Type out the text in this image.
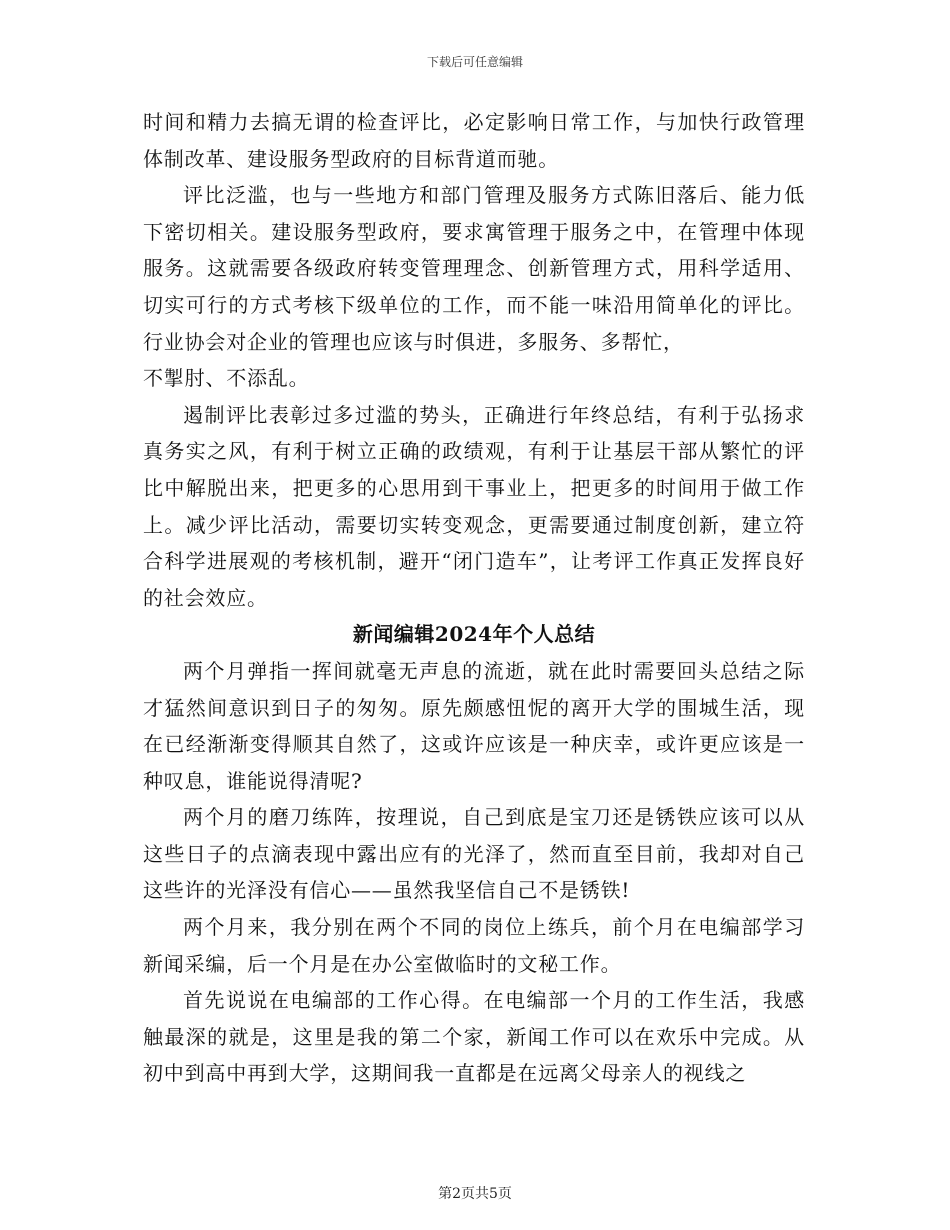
下载后可任意编辑

时间和精力去搞无谓的检查评比，必定影响日常工作，与加快行政管理体制改革、建设服务型政府的目标背道而驰。

评比泛滥，也与一些地方和部门管理及服务方式陈旧落后、能力低下密切相关。建设服务型政府，要求寓管理于服务之中，在管理中体现服务。这就需要各级政府转变管理理念、创新管理方式，用科学适用、切实可行的方式考核下级单位的工作，而不能一味沿用简单化的评比。行业协会对企业的管理也应该与时俱进，多服务、多帮忙，
不掣肘、不添乱。

遏制评比表彰过多过滥的势头，正确进行年终总结，有利于弘扬求真务实之风，有利于树立正确的政绩观，有利于让基层干部从繁忙的评比中解脱出来，把更多的心思用到干事业上，把更多的时间用于做工作上。减少评比活动，需要切实转变观念，更需要通过制度创新，建立符合科学进展观的考核机制，避开“闭门造车”，让考评工作真正发挥良好的社会效应。

新闻编辑2024年个人总结

两个月弹指一挥间就毫无声息的流逝，就在此时需要回头总结之际才猛然间意识到日子的匆匆。原先颇感忸怩的离开大学的围城生活，现在已经渐渐变得顺其自然了，这或许应该是一种庆幸，或许更应该是一种叹息，谁能说得清呢?

两个月的磨刀练阵，按理说，自己到底是宝刀还是锈铁应该可以从这些日子的点滴表现中露出应有的光泽了，然而直至目前，我却对自己这些许的光泽没有信心——虽然我坚信自己不是锈铁!

两个月来，我分别在两个不同的岗位上练兵，前个月在电编部学习新闻采编，后一个月是在办公室做临时的文秘工作。

首先说说在电编部的工作心得。在电编部一个月的工作生活，我感触最深的就是，这里是我的第二个家，新闻工作可以在欢乐中完成。从初中到高中再到大学，这期间我一直都是在远离父母亲人的视线之

第2页共5页
